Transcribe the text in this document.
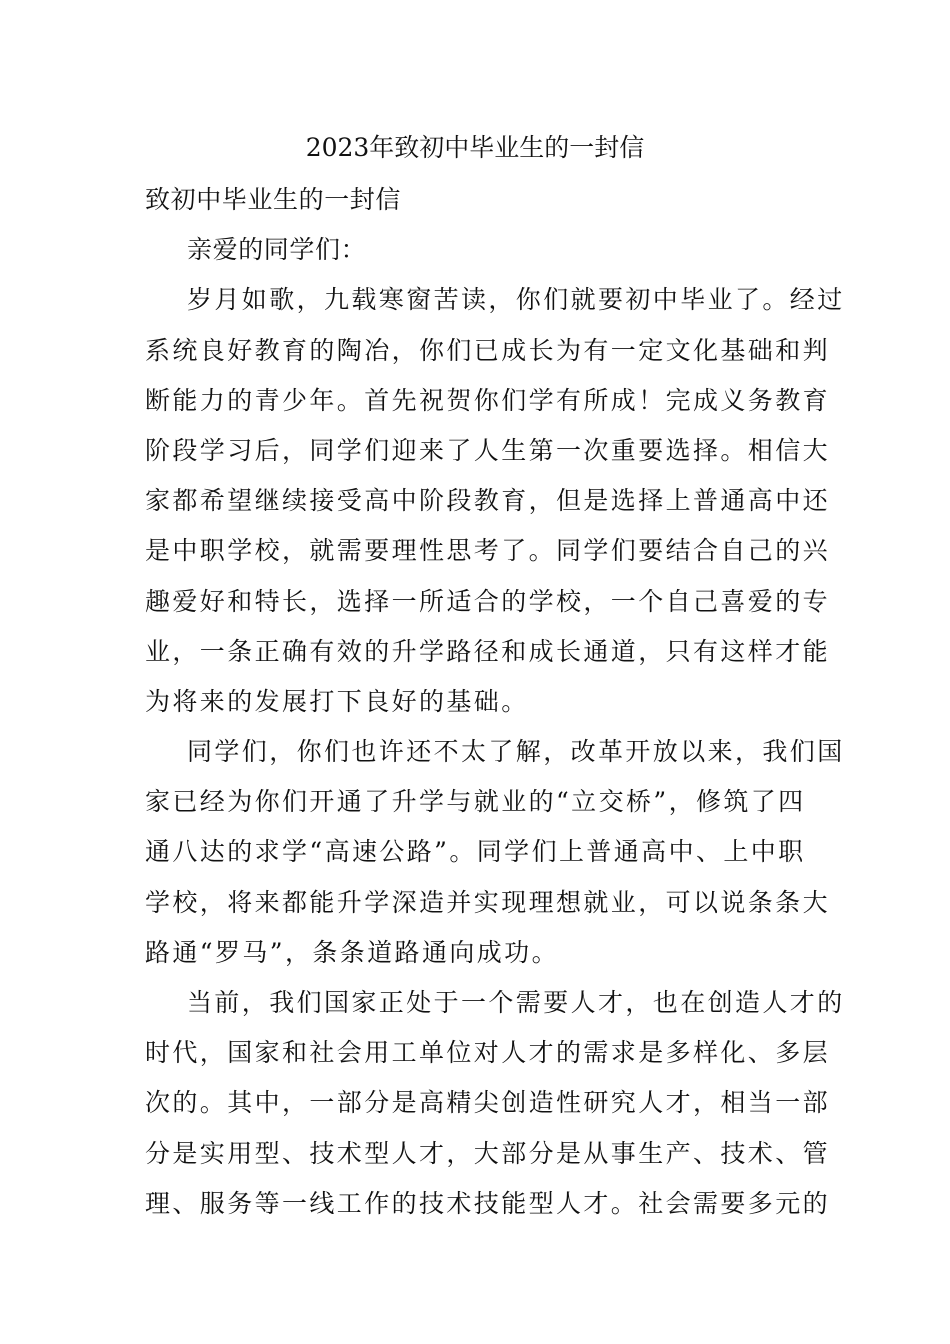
2023年致初中毕业生的一封信
致初中毕业生的一封信
亲爱的同学们：
岁月如歌，九载寒窗苦读，你们就要初中毕业了。经过
系统良好教育的陶冶，你们已成长为有一定文化基础和判
断能力的青少年。首先祝贺你们学有所成！完成义务教育
阶段学习后，同学们迎来了人生第一次重要选择。相信大
家都希望继续接受高中阶段教育，但是选择上普通高中还
是中职学校，就需要理性思考了。同学们要结合自己的兴
趣爱好和特长，选择一所适合的学校，一个自己喜爱的专
业，一条正确有效的升学路径和成长通道，只有这样才能
为将来的发展打下良好的基础。
同学们，你们也许还不太了解，改革开放以来，我们国
家已经为你们开通了升学与就业的“立交桥”，修筑了四
通八达的求学“高速公路”。同学们上普通高中、上中职
学校，将来都能升学深造并实现理想就业，可以说条条大
路通“罗马”，条条道路通向成功。
当前，我们国家正处于一个需要人才，也在创造人才的
时代，国家和社会用工单位对人才的需求是多样化、多层
次的。其中，一部分是高精尖创造性研究人才，相当一部
分是实用型、技术型人才，大部分是从事生产、技术、管
理、服务等一线工作的技术技能型人才。社会需要多元的
